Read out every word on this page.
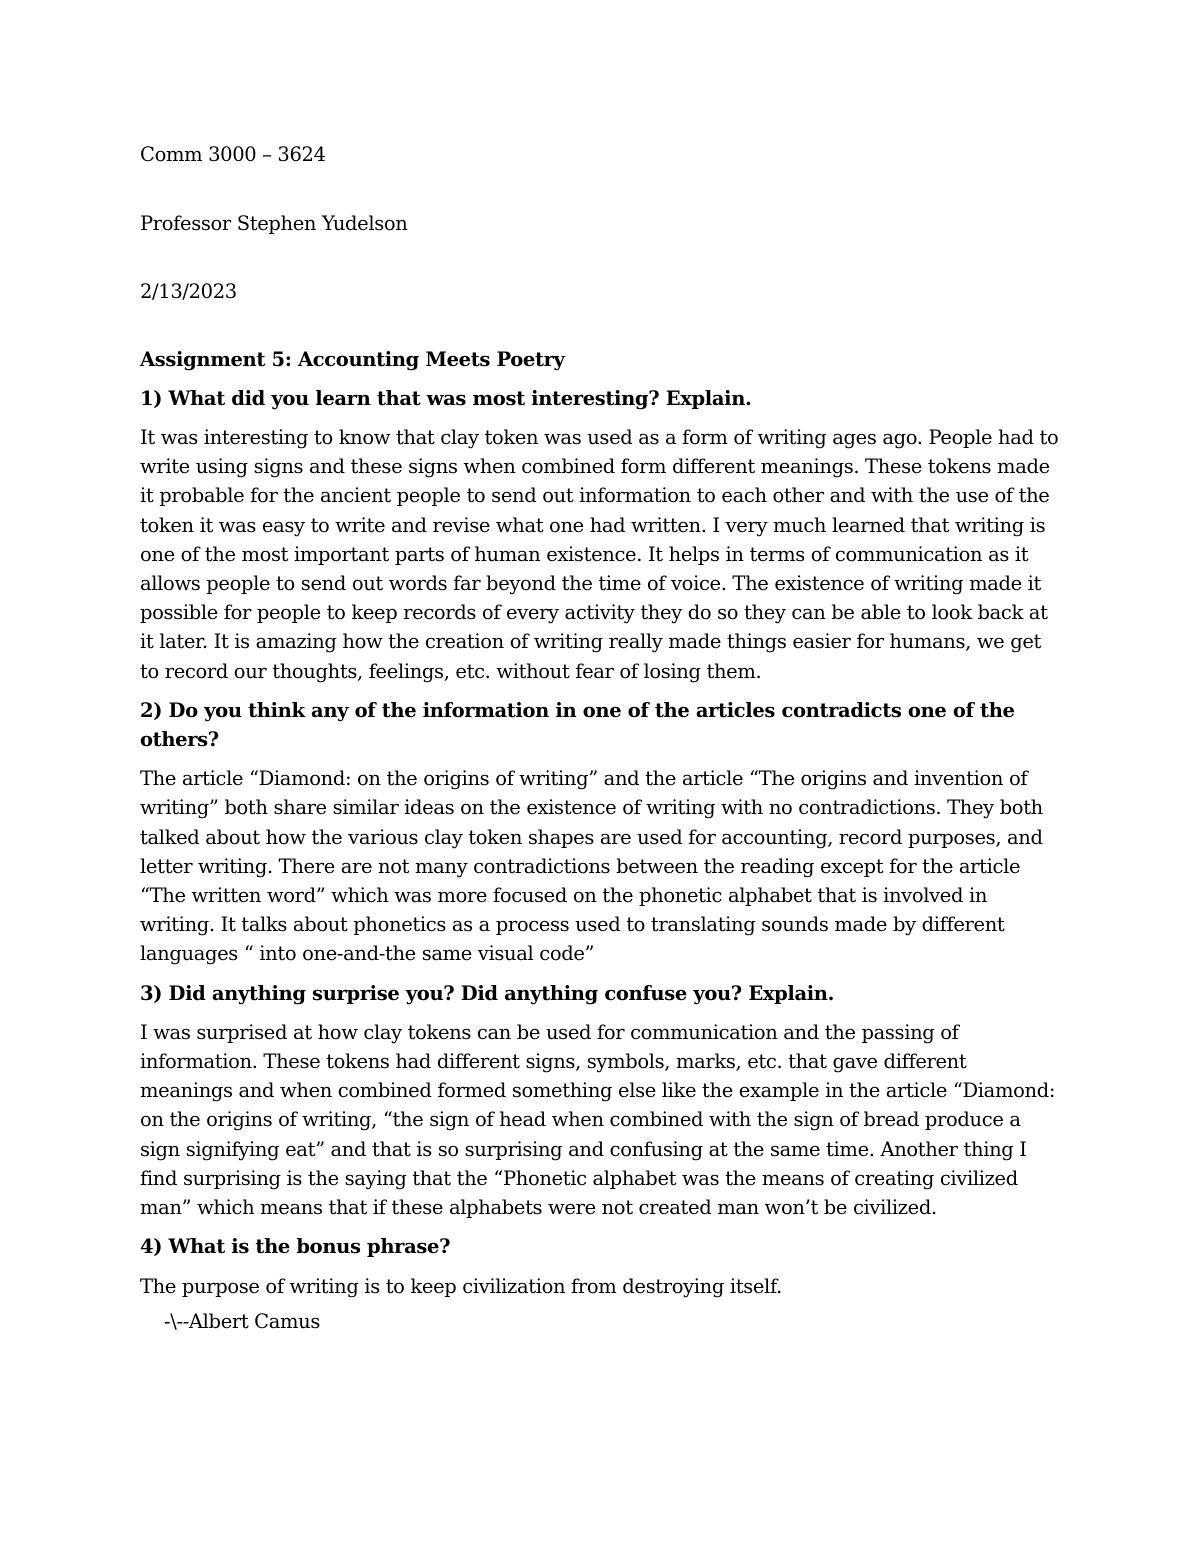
Comm 3000 – 3624

Professor Stephen Yudelson

2/13/2023

Assignment 5: Accounting Meets Poetry

1) What did you learn that was most interesting? Explain.

It was interesting to know that clay token was used as a form of writing ages ago. People had to write using signs and these signs when combined form different meanings. These tokens made it probable for the ancient people to send out information to each other and with the use of the token it was easy to write and revise what one had written. I very much learned that writing is one of the most important parts of human existence. It helps in terms of communication as it allows people to send out words far beyond the time of voice. The existence of writing made it possible for people to keep records of every activity they do so they can be able to look back at it later. It is amazing how the creation of writing really made things easier for humans, we get to record our thoughts, feelings, etc. without fear of losing them.

2) Do you think any of the information in one of the articles contradicts one of the others?

The article “Diamond: on the origins of writing” and the article “The origins and invention of writing” both share similar ideas on the existence of writing with no contradictions. They both talked about how the various clay token shapes are used for accounting, record purposes, and letter writing. There are not many contradictions between the reading except for the article “The written word” which was more focused on the phonetic alphabet that is involved in writing. It talks about phonetics as a process used to translating sounds made by different languages “ into one-and-the same visual code”

3) Did anything surprise you? Did anything confuse you? Explain.

I was surprised at how clay tokens can be used for communication and the passing of information. These tokens had different signs, symbols, marks, etc. that gave different meanings and when combined formed something else like the example in the article “Diamond: on the origins of writing, “the sign of head when combined with the sign of bread produce a sign signifying eat” and that is so surprising and confusing at the same time. Another thing I find surprising is the saying that the “Phonetic alphabet was the means of creating civilized man” which means that if these alphabets were not created man won’t be civilized.

4) What is the bonus phrase?

The purpose of writing is to keep civilization from destroying itself.

-\--Albert Camus
